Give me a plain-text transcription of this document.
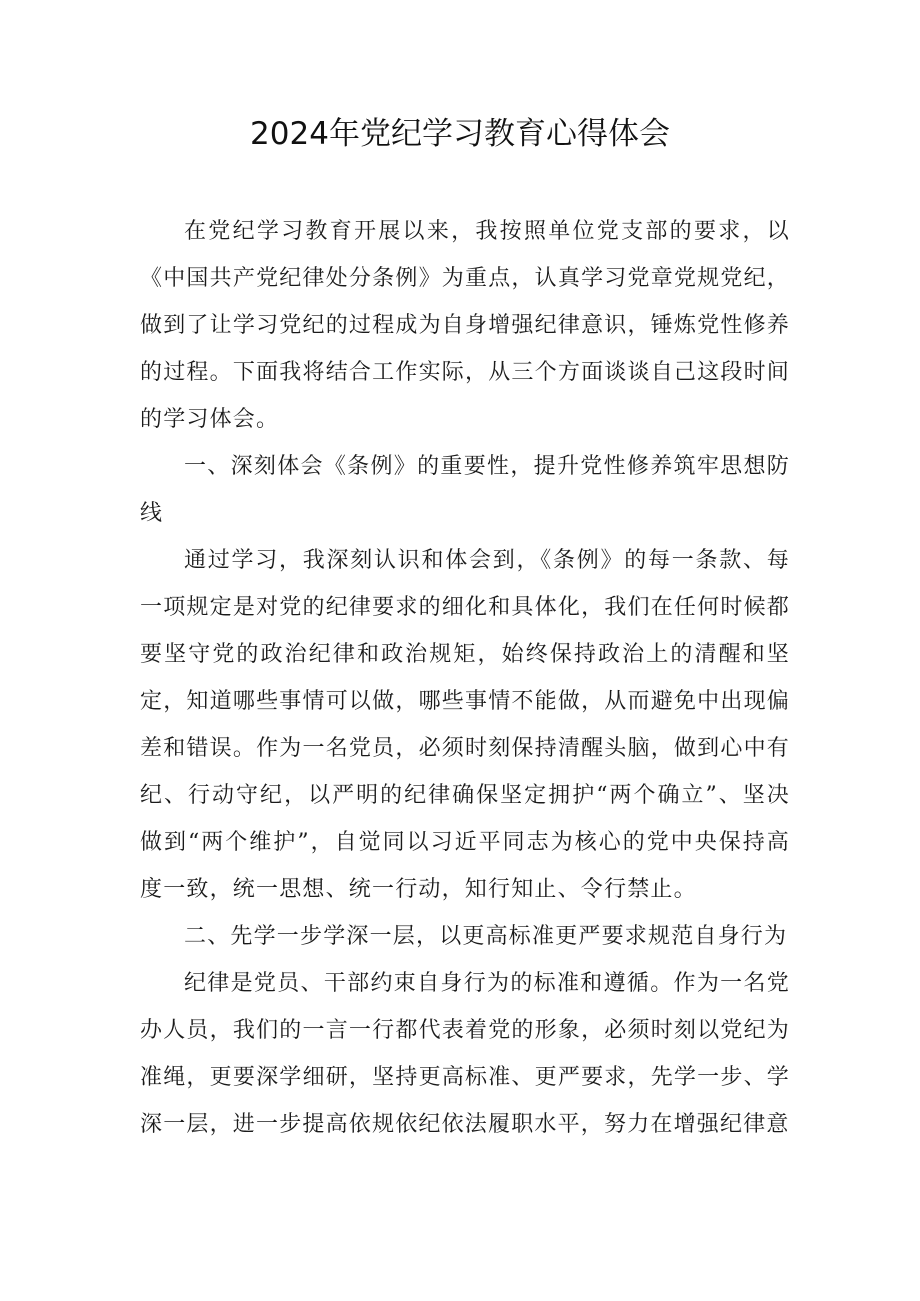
2024年党纪学习教育心得体会

在党纪学习教育开展以来，我按照单位党支部的要求，以《中国共产党纪律处分条例》为重点，认真学习党章党规党纪，做到了让学习党纪的过程成为自身增强纪律意识，锤炼党性修养的过程。下面我将结合工作实际，从三个方面谈谈自己这段时间的学习体会。

一、深刻体会《条例》的重要性，提升党性修养筑牢思想防线

通过学习，我深刻认识和体会到，《条例》的每一条款、每一项规定是对党的纪律要求的细化和具体化，我们在任何时候都要坚守党的政治纪律和政治规矩，始终保持政治上的清醒和坚定，知道哪些事情可以做，哪些事情不能做，从而避免中出现偏差和错误。作为一名党员，必须时刻保持清醒头脑，做到心中有纪、行动守纪，以严明的纪律确保坚定拥护“两个确立”、坚决做到“两个维护”，自觉同以习近平同志为核心的党中央保持高度一致，统一思想、统一行动，知行知止、令行禁止。

二、先学一步学深一层，以更高标准更严要求规范自身行为

纪律是党员、干部约束自身行为的标准和遵循。作为一名党办人员，我们的一言一行都代表着党的形象，必须时刻以党纪为准绳，更要深学细研，坚持更高标准、更严要求，先学一步、学深一层，进一步提高依规依纪依法履职水平，努力在增强纪律意
